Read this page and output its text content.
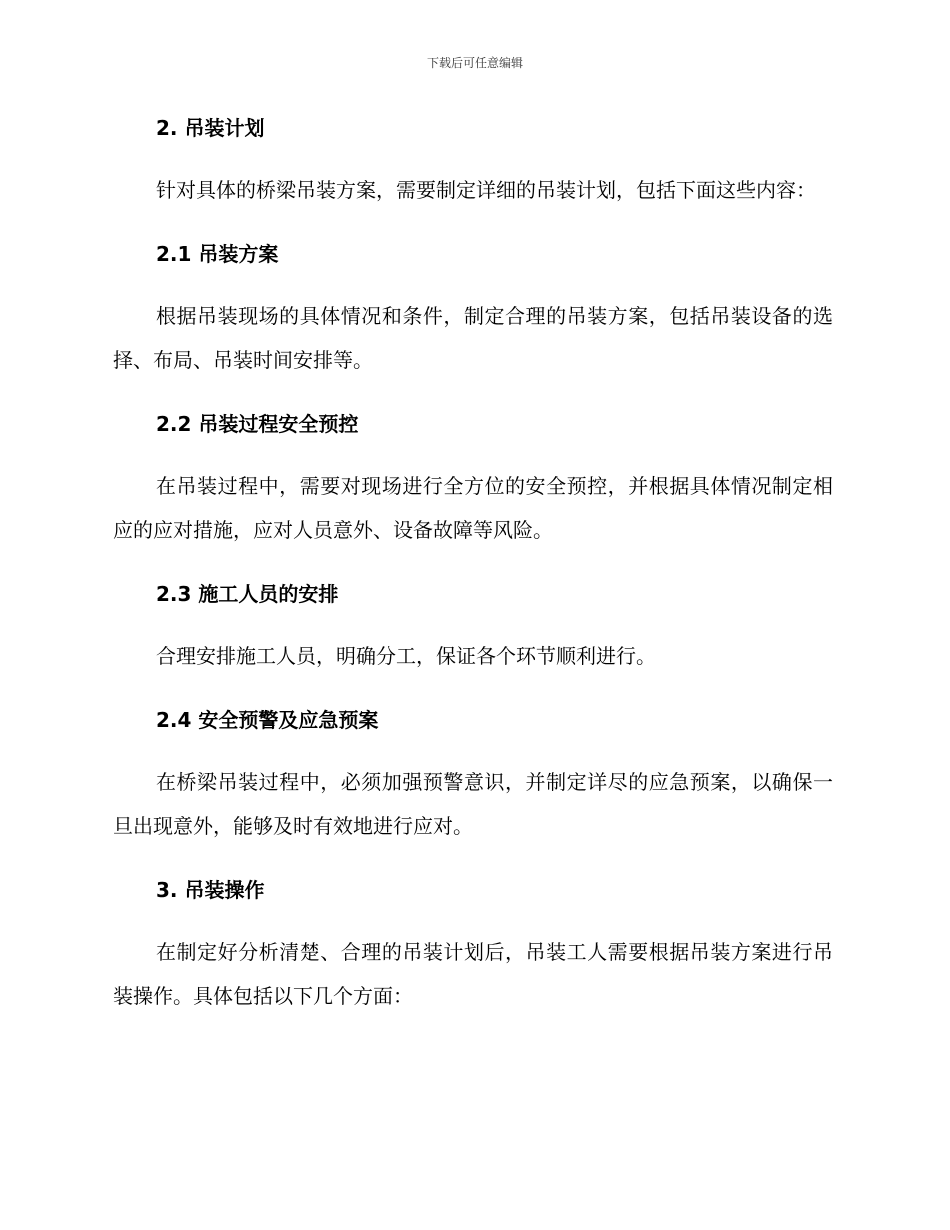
下载后可任意编辑
2. 吊装计划

针对具体的桥梁吊装方案，需要制定详细的吊装计划，包括下面这些内容：

2.1 吊装方案

根据吊装现场的具体情况和条件，制定合理的吊装方案，包括吊装设备的选择、布局、吊装时间安排等。

2.2 吊装过程安全预控

在吊装过程中，需要对现场进行全方位的安全预控，并根据具体情况制定相应的应对措施，应对人员意外、设备故障等风险。

2.3 施工人员的安排

合理安排施工人员，明确分工，保证各个环节顺利进行。

2.4 安全预警及应急预案

在桥梁吊装过程中，必须加强预警意识，并制定详尽的应急预案，以确保一旦出现意外，能够及时有效地进行应对。

3. 吊装操作

在制定好分析清楚、合理的吊装计划后，吊装工人需要根据吊装方案进行吊装操作。具体包括以下几个方面：
